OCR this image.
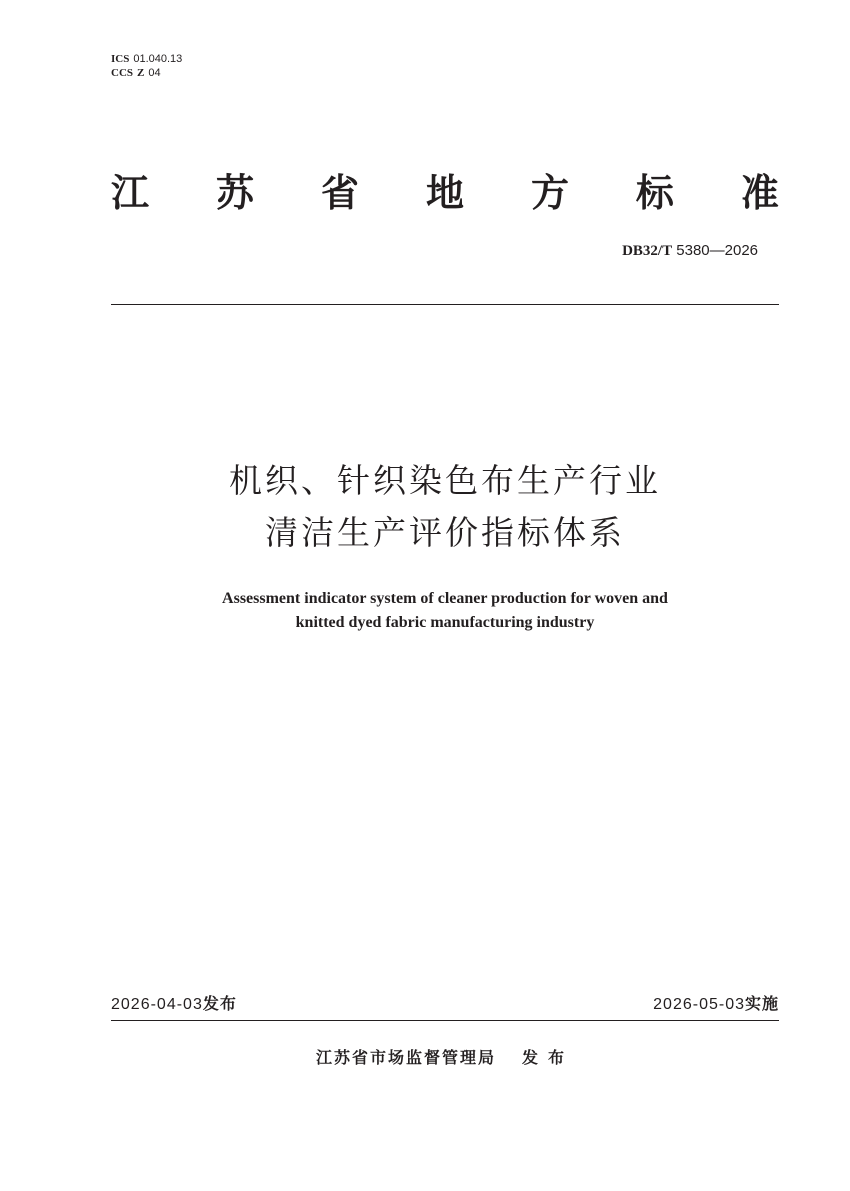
ICS 01.040.13
CCS Z 04
江 苏 省 地 方 标 准
DB32/T 5380—2026
机织、针织染色布生产行业
清洁生产评价指标体系
Assessment indicator system of cleaner production for woven and
knitted dyed fabric manufacturing industry
2026-04-03发布	2026-05-03实施
江苏省市场监督管理局 发布
